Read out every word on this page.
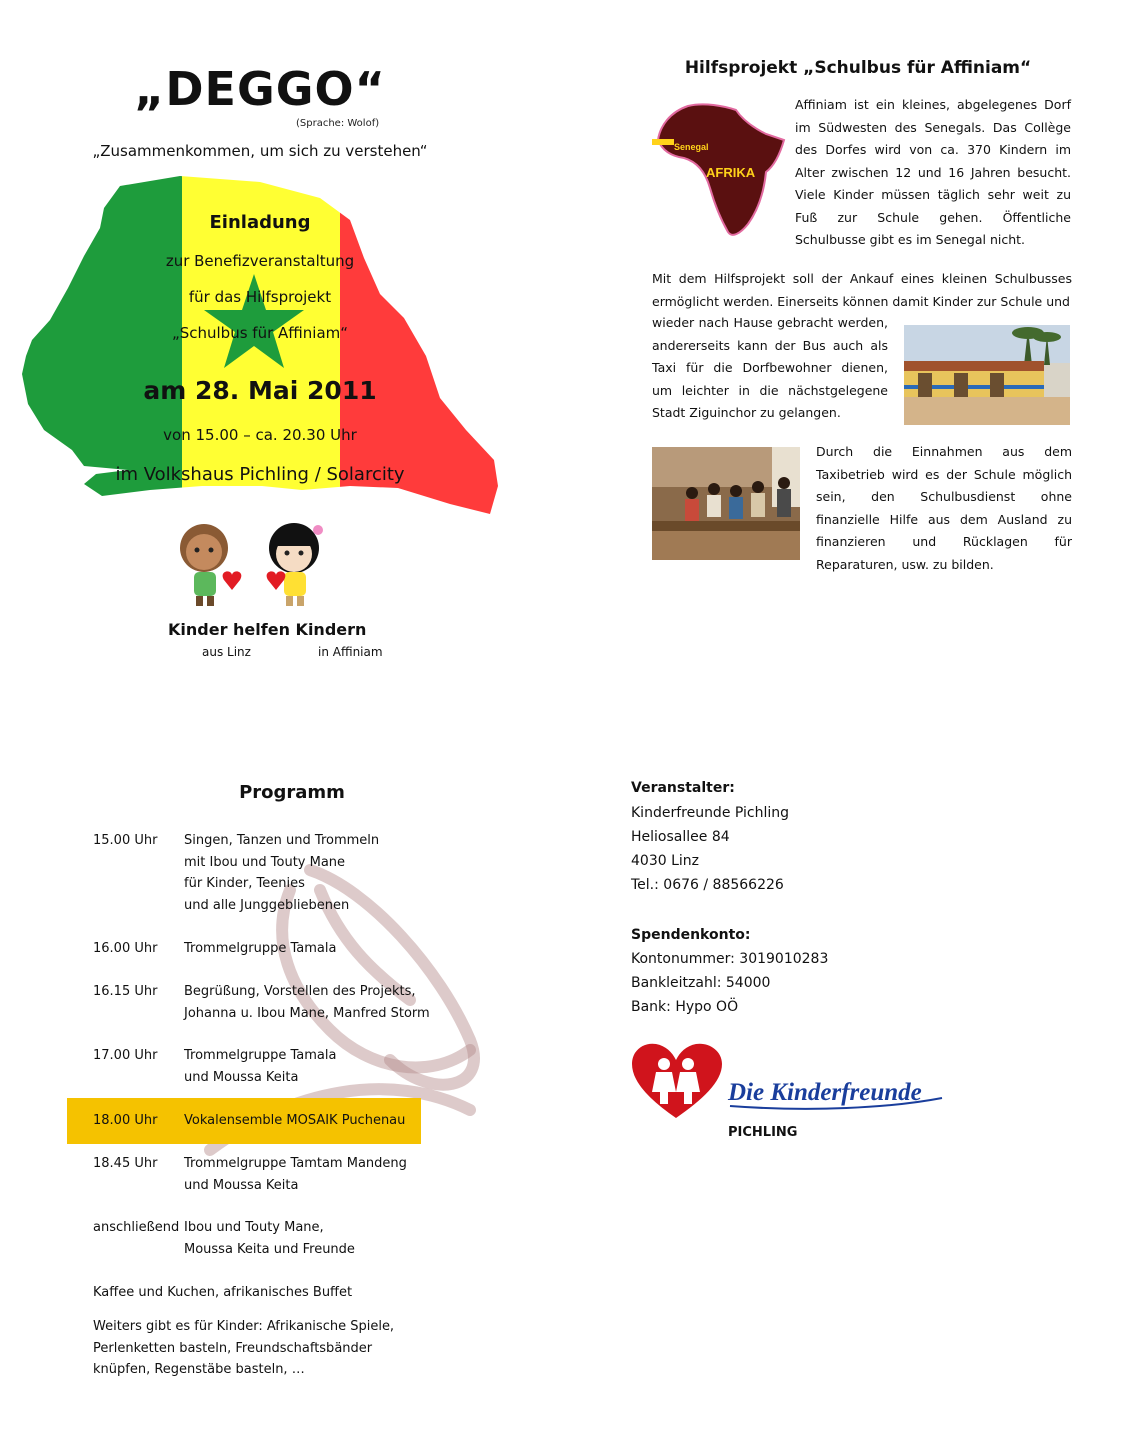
„DEGGO“
(Sprache: Wolof)
„Zusammenkommen, um sich zu verstehen“
Einladung
zur Benefizveranstaltung
für das Hilfsprojekt
„Schulbus für Affiniam“
am 28. Mai 2011
von 15.00 – ca. 20.30 Uhr
im Volkshaus Pichling / Solarcity
Kinder helfen Kindern
aus Linz	in Affiniam
Hilfsprojekt „Schulbus für Affiniam“
Senegal
AFRIKA
Affiniam ist ein kleines, abgelegenes Dorf im Südwesten des Senegals. Das Collège des Dorfes wird von ca. 370 Kindern im Alter zwischen 12 und 16 Jahren besucht. Viele Kinder müssen täglich sehr weit zu Fuß zur Schule gehen. Öffentliche Schulbusse gibt es im Senegal nicht.
Mit dem Hilfsprojekt soll der Ankauf eines kleinen Schulbusses ermöglicht werden. Einerseits können damit Kinder zur Schule und
wieder nach Hause gebracht werden, andererseits kann der Bus auch als Taxi für die Dorfbewohner dienen, um leichter in die nächstgelegene Stadt Ziguinchor zu gelangen.
Durch die Einnahmen aus dem Taxibetrieb wird es der Schule möglich sein, den Schulbusdienst ohne finanzielle Hilfe aus dem Ausland zu finanzieren und Rücklagen für Reparaturen, usw. zu bilden.
Programm
15.00 Uhr Singen, Tanzen und Trommeln
mit Ibou und Touty Mane
für Kinder, Teenies
und alle Junggebliebenen
16.00 Uhr Trommelgruppe Tamala
16.15 Uhr Begrüßung, Vorstellen des Projekts,
Johanna u. Ibou Mane, Manfred Storm
17.00 Uhr Trommelgruppe Tamala
und Moussa Keita
18.00 Uhr Vokalensemble MOSAIK Puchenau
18.45 Uhr Trommelgruppe Tamtam Mandeng
und Moussa Keita
anschließend Ibou und Touty Mane,
Moussa Keita und Freunde
Kaffee und Kuchen, afrikanisches Buffet
Weiters gibt es für Kinder: Afrikanische Spiele, Perlenketten basteln, Freundschaftsbänder knüpfen, Regenstäbe basteln, …
Veranstalter:
Kinderfreunde Pichling
Heliosallee 84
4030 Linz
Tel.: 0676 / 88566226
Spendenkonto:
Kontonummer: 3019010283
Bankleitzahl: 54000
Bank: Hypo OÖ
Die Kinderfreunde
PICHLING
